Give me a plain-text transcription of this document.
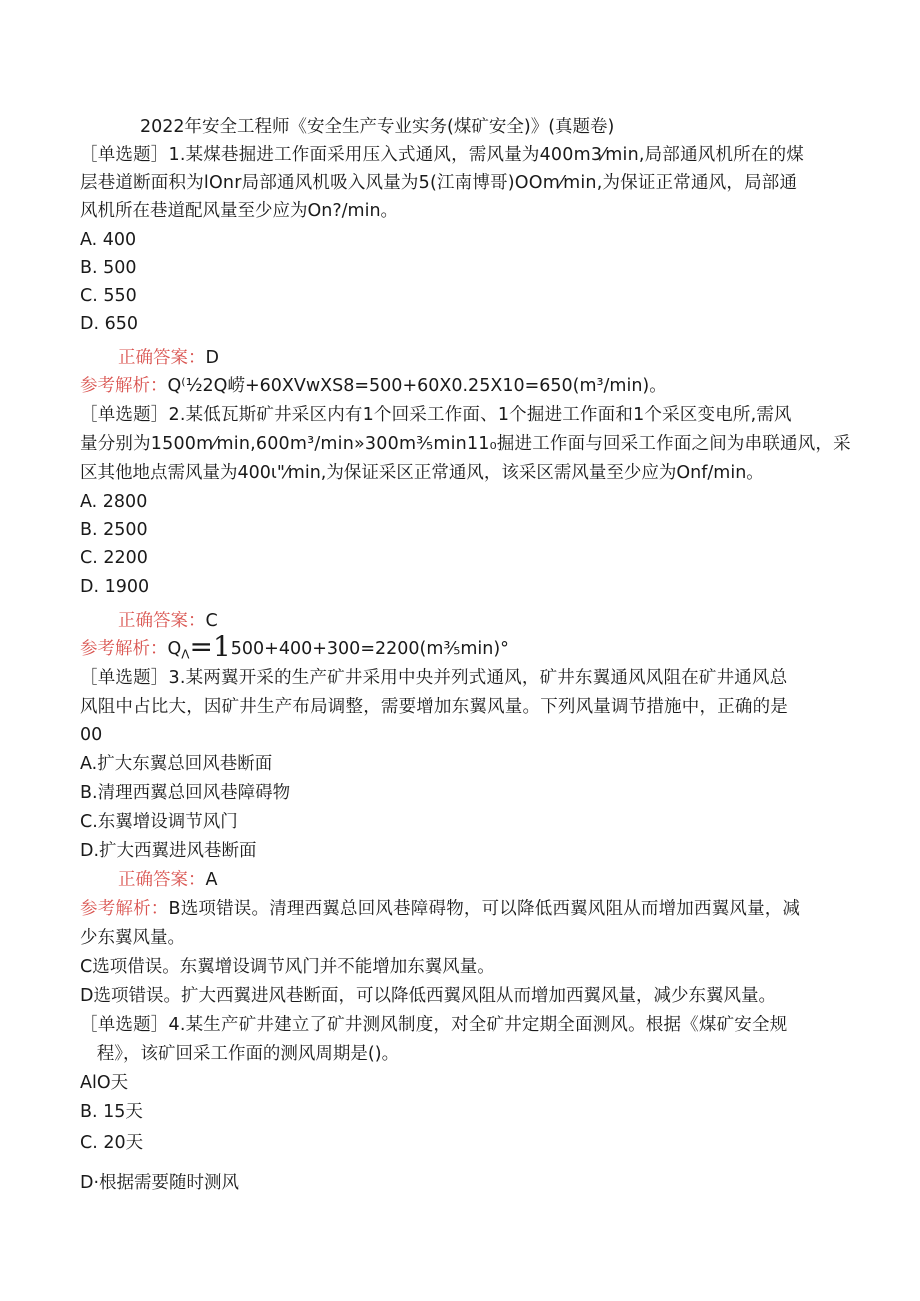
2022年安全工程师《安全生产专业实务(煤矿安全)》(真题卷)
［单选题］1.某煤巷掘进工作面采用压入式通风，需风量为400m3⁄min,局部通风机所在的煤
层巷道断面积为lOnr局部通风机吸入风量为5(江南博哥)OOm⁄min,为保证正常通风，局部通
风机所在巷道配风量至少应为On?/min。
A. 400
B. 500
C. 550
D. 650
正确答案：D
参考解析：Q⁽½2Q崂+60XVwXS8=500+60X0.25X10=650(m³/min)。
［单选题］2.某低瓦斯矿井采区内有1个回采工作面、1个掘进工作面和1个采区变电所,需风
量分别为1500m⁄min,600m³/min»300m⅗min11₀掘进工作面与回采工作面之间为串联通风，采
区其他地点需风量为400ι"⁄min,为保证采区正常通风，该采区需风量至少应为Onf/min。
A. 2800
B. 2500
C. 2200
D. 1900
正确答案：C
参考解析：$Q_\Lambda=1500+400+300=2200(m\frac{3}{5}\min)^\circ$
［单选题］3.某两翼开采的生产矿井采用中央并列式通风，矿井东翼通风风阻在矿井通风总
风阻中占比大，因矿井生产布局调整，需要增加东翼风量。下列风量调节措施中，正确的是
00
A.扩大东翼总回风巷断面
B.清理西翼总回风巷障碍物
C.东翼增设调节风门
D.扩大西翼进风巷断面
正确答案：A
参考解析：B选项错误。清理西翼总回风巷障碍物，可以降低西翼风阻从而增加西翼风量，减
少东翼风量。
C选项借误。东翼增设调节风门并不能增加东翼风量。
D选项错误。扩大西翼进风巷断面，可以降低西翼风阻从而增加西翼风量，减少东翼风量。
［单选题］4.某生产矿井建立了矿井测风制度，对全矿井定期全面测风。根据《煤矿安全规
程》，该矿回采工作面的测风周期是()。
AlO天
B. 15天
C. 20天
D·根据需要随时测风
